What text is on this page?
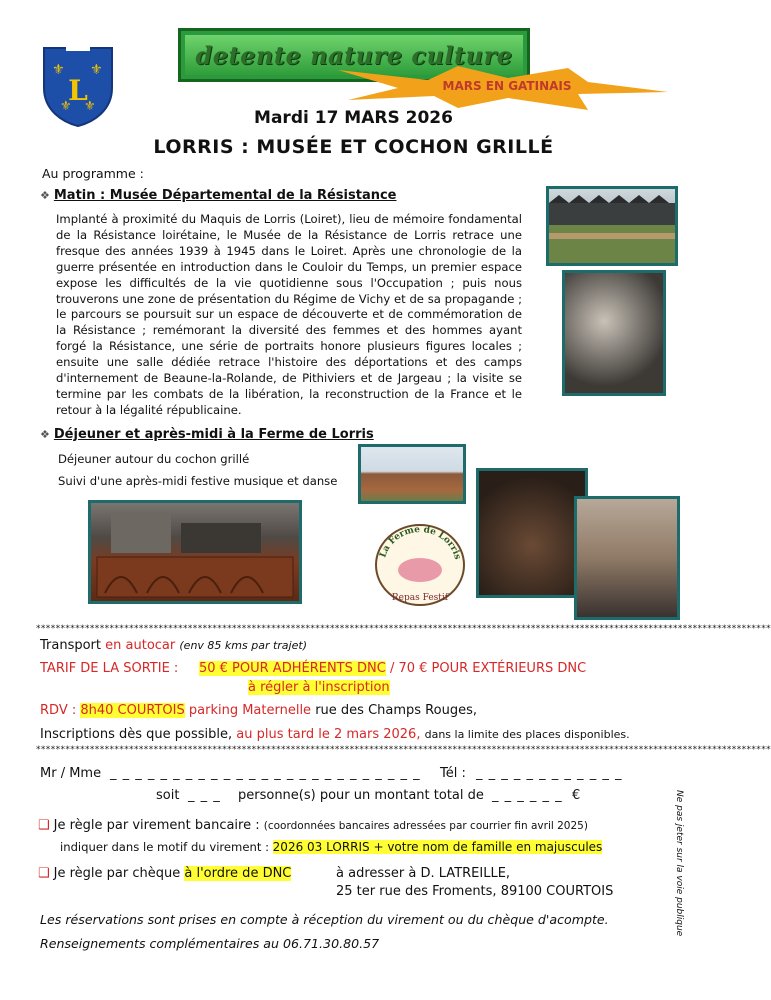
⚜ ⚜
⚜ ⚜
L
detente nature culture
MARS EN GATINAIS
Mardi 17 MARS 2026
LORRIS : MUSÉE ET COCHON GRILLÉ
Au programme :
❖ Matin : Musée Départemental de la Résistance
Implanté à proximité du Maquis de Lorris (Loiret), lieu de mémoire fondamental de la Résistance loirétaine, le Musée de la Résistance de Lorris retrace une fresque des années 1939 à 1945 dans le Loiret. Après une chronologie de la guerre présentée en introduction dans le Couloir du Temps, un premier espace expose les difficultés de la vie quotidienne sous l'Occupation ; puis nous trouverons une zone de présentation du Régime de Vichy et de sa propagande ; le parcours se poursuit sur un espace de découverte et de commémoration de la Résistance ; remémorant la diversité des femmes et des hommes ayant forgé la Résistance, une série de portraits honore plusieurs figures locales ; ensuite une salle dédiée retrace l'histoire des déportations et des camps d'internement de Beaune-la-Rolande, de Pithiviers et de Jargeau ; la visite se termine par les combats de la libération, la reconstruction de la France et le retour à la légalité républicaine.
❖ Déjeuner et après-midi à la Ferme de Lorris
Déjeuner autour du cochon grillé
Suivi d'une après-midi festive musique et danse
La Ferme de Lorris
Repas Festif
******************************************************************************************************************************************************
Transport en autocar (env 85 kms par trajet)
TARIF DE LA SORTIE : 50 € POUR ADHÉRENTS DNC / 70 € POUR EXTÉRIEURS DNC
à régler à l'inscription
RDV : 8h40 COURTOIS parking Maternelle rue des Champs Rouges,
Inscriptions dès que possible, au plus tard le 2 mars 2026, dans la limite des places disponibles.
******************************************************************************************************************************************************
Mr / Mme _ _ _ _ _ _ _ _ _ _ _ _ _ _ _ _ _ _ _ _ _ _ _ _ _ Tél : _ _ _ _ _ _ _ _ _ _ _ _
soit _ _ _ personne(s) pour un montant total de _ _ _ _ _ _ €
❑ Je règle par virement bancaire : (coordonnées bancaires adressées par courrier fin avril 2025)
indiquer dans le motif du virement : 2026 03 LORRIS + votre nom de famille en majuscules
❑ Je règle par chèque à l'ordre de DNC	à adresser à D. LATREILLE,
25 ter rue des Froments, 89100 COURTOIS
Les réservations sont prises en compte à réception du virement ou du chèque d'acompte.
Renseignements complémentaires au 06.71.30.80.57
Ne pas jeter sur la voie publique
